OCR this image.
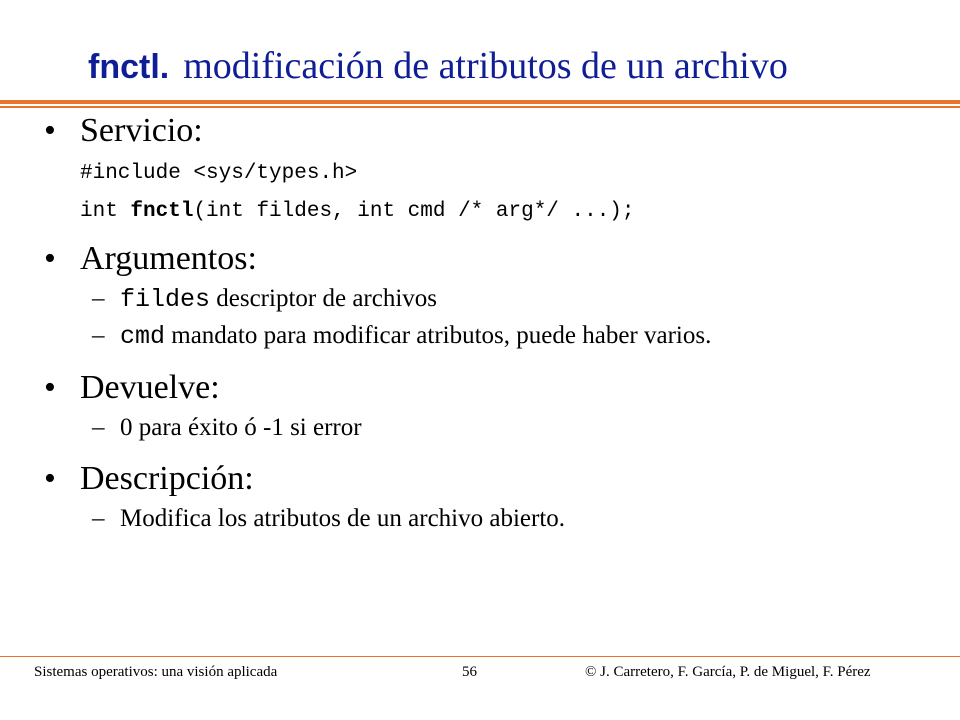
fnctl. modificación de atributos de un archivo
• Servicio:
#include <sys/types.h>
int fnctl(int fildes, int cmd /* arg*/ ...);
• Argumentos:
– fildes descriptor de archivos
– cmd mandato para modificar atributos, puede haber varios.
• Devuelve:
– 0 para éxito ó -1 si error
• Descripción:
– Modifica los atributos de un archivo abierto.
Sistemas operativos: una visión aplicada	56	© J. Carretero, F. García, P. de Miguel, F. Pérez
